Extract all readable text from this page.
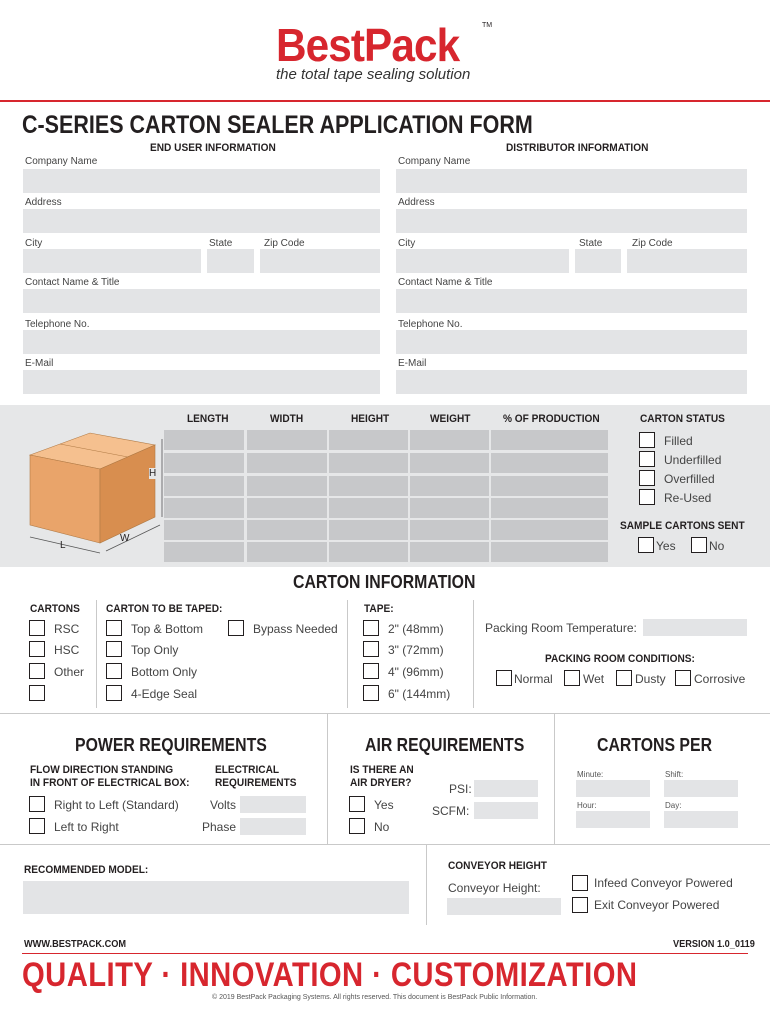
BestPack	TM
the total tape sealing solution
C-SERIES CARTON SEALER APPLICATION FORM
END USER INFORMATION	DISTRIBUTOR INFORMATION
Company Name
Address
City	State	Zip Code
Contact Name & Title
Telephone No.
E-Mail
Company Name
Address
City	State	Zip Code
Contact Name & Title
Telephone No.
E-Mail
H
W
L
LENGTH	WIDTH	HEIGHT	WEIGHT	% OF PRODUCTION	CARTON STATUS
Filled
Underfilled
Overfilled
Re-Used
SAMPLE CARTONS SENT
Yes	No
CARTON INFORMATION
CARTONS
RSC
HSC
Other
CARTON TO BE TAPED:
Top & Bottom
Top Only
Bottom Only
4-Edge Seal
Bypass Needed
TAPE:
2" (48mm)
3" (72mm)
4" (96mm)
6" (144mm)
Packing Room Temperature:
PACKING ROOM CONDITIONS:
Normal	Wet	Dusty Corrosive
POWER REQUIREMENTS
FLOW DIRECTION STANDING
IN FRONT OF ELECTRICAL BOX:
Right to Left (Standard)
Left to Right
ELECTRICAL
REQUIREMENTS
Volts
Phase
AIR REQUIREMENTS
IS THERE AN
AIR DRYER?
Yes
No
PSI:
SCFM:
CARTONS PER
Minute:	Shift:
Hour:	Day:
RECOMMENDED MODEL:	CONVEYOR HEIGHT
Conveyor Height:	Infeed Conveyor Powered
Exit Conveyor Powered
WWW.BESTPACK.COM	VERSION 1.0_0119
QUALITY · INNOVATION · CUSTOMIZATION
© 2019 BestPack Packaging Systems. All rights reserved. This document is BestPack Public Information.
